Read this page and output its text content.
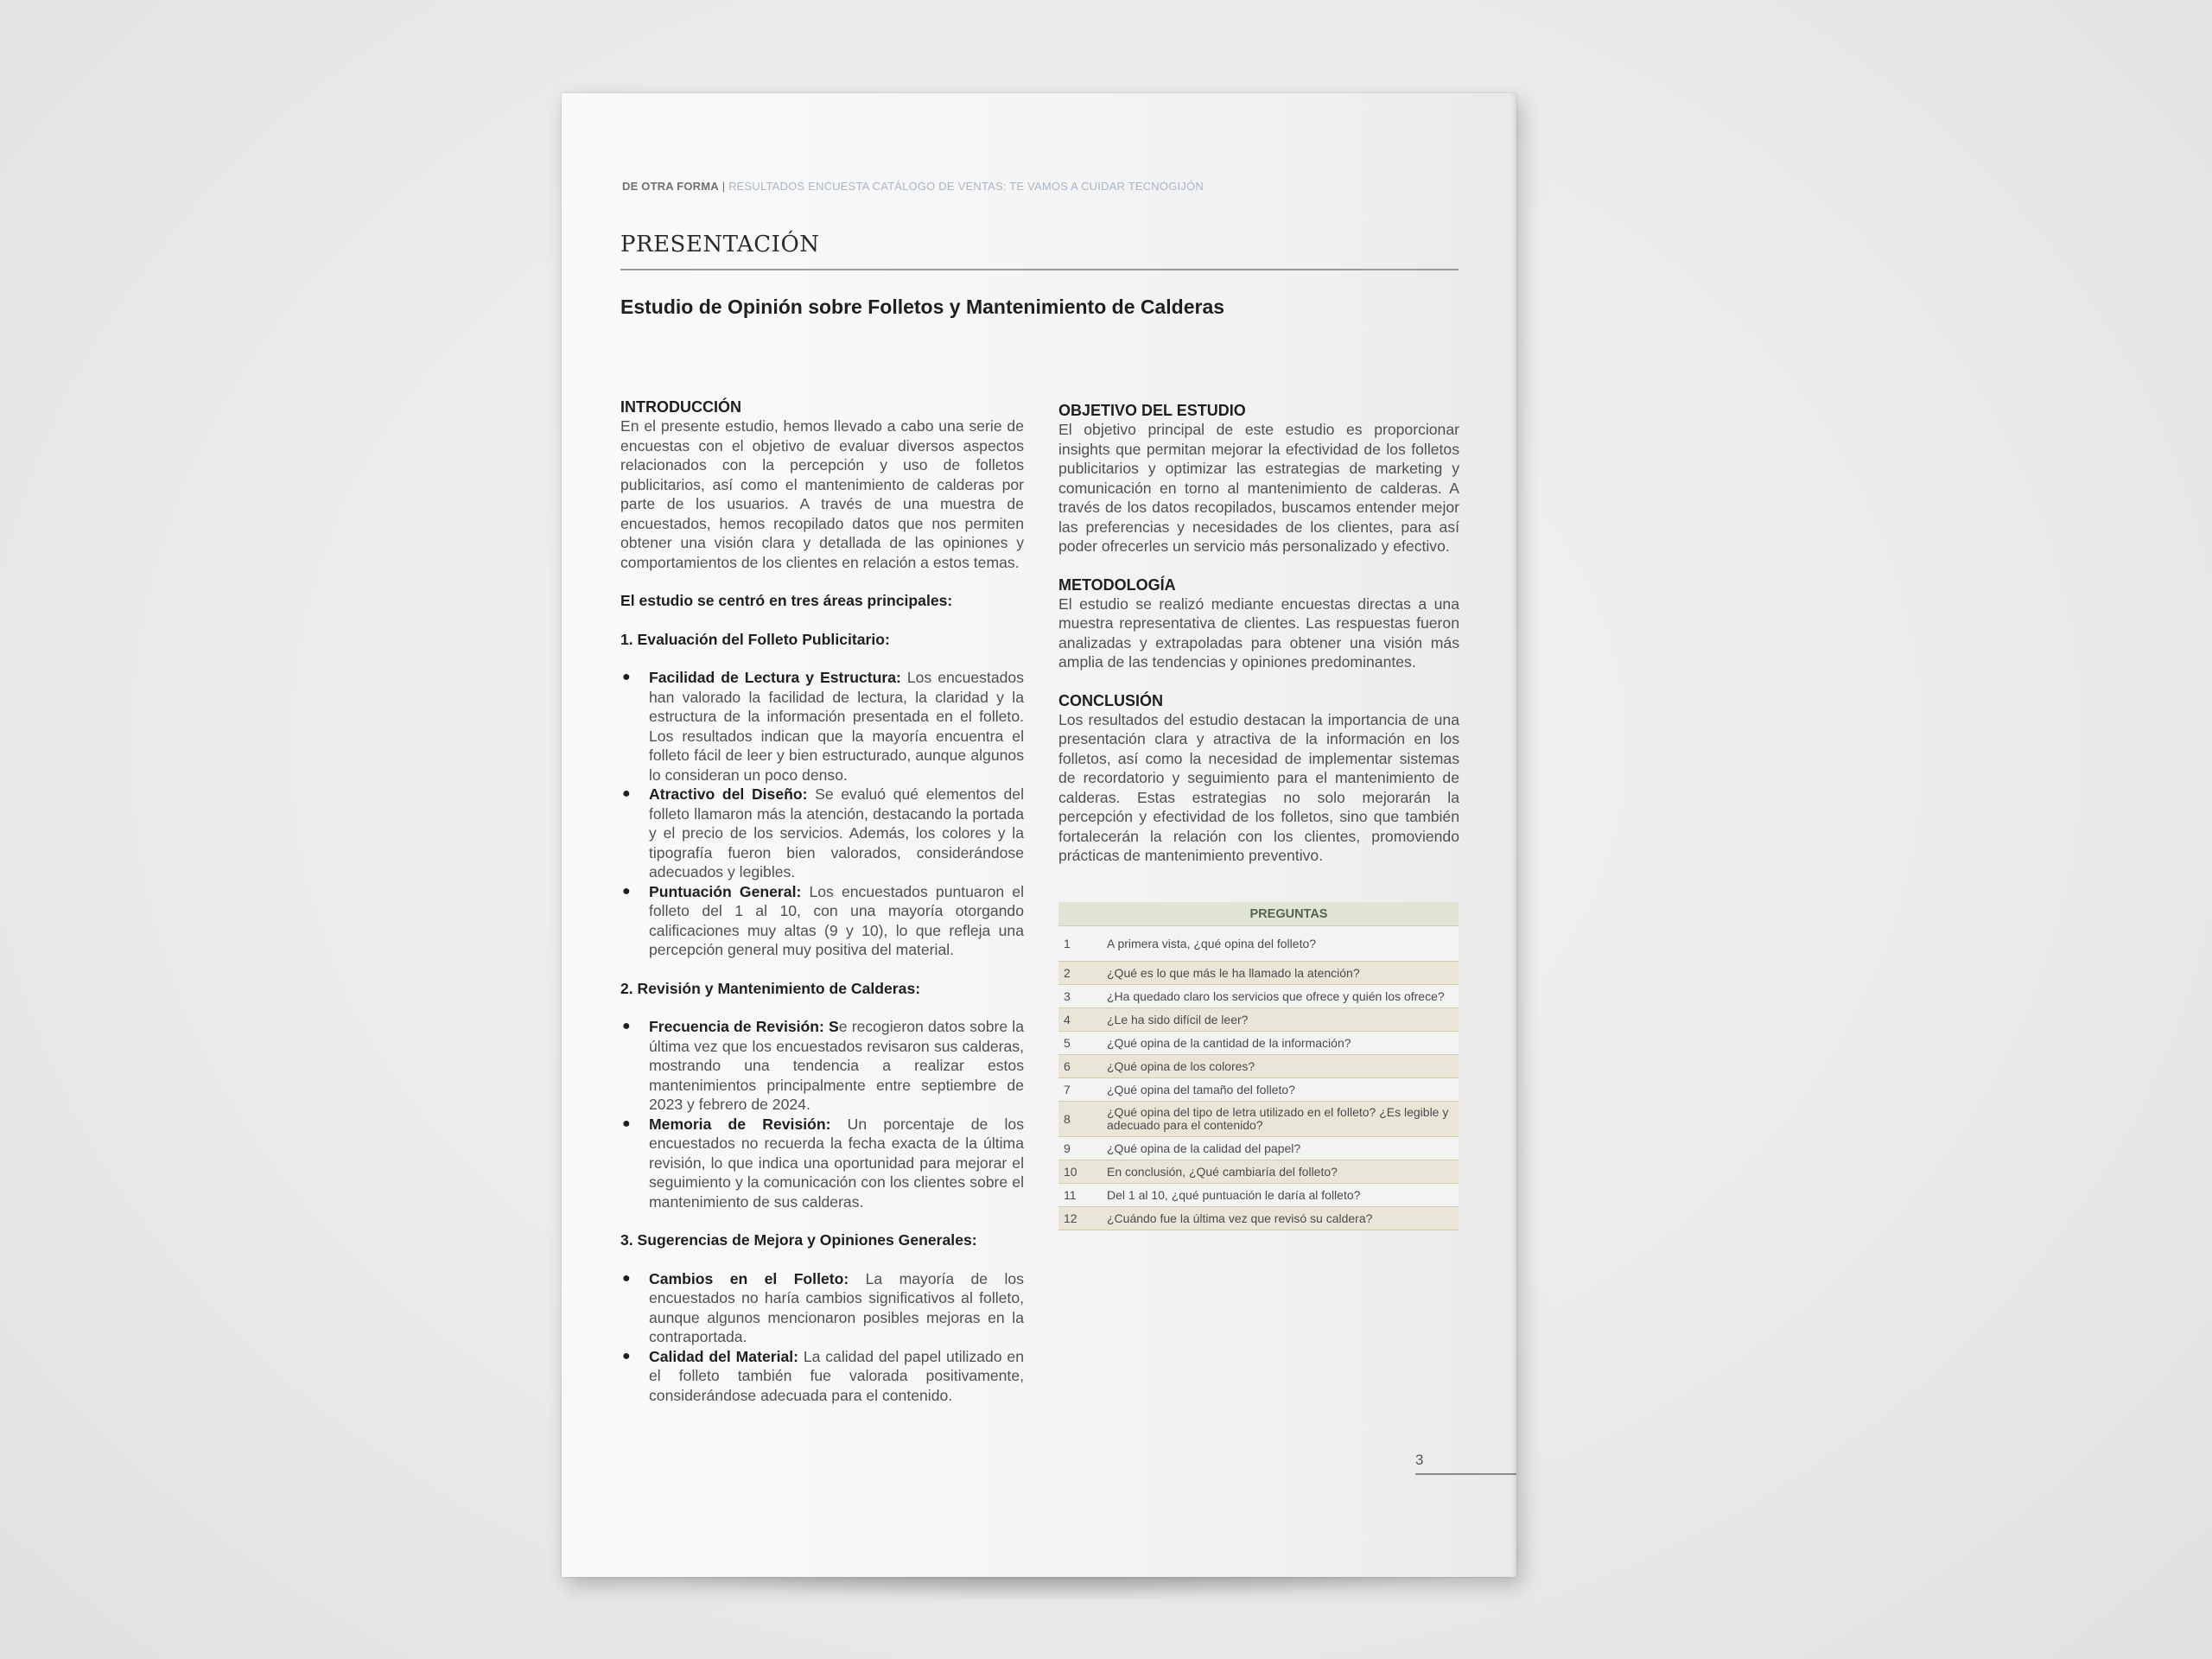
DE OTRA FORMA | RESULTADOS ENCUESTA CATÁLOGO DE VENTAS: TE VAMOS A CUIDAR TECNOGIJÓN
PRESENTACIÓN
Estudio de Opinión sobre Folletos y Mantenimiento de Calderas

INTRODUCCIÓN

En el presente estudio, hemos llevado a cabo una serie de encuestas con el objetivo de evaluar diversos aspectos relacionados con la percepción y uso de folletos publicitarios, así como el mantenimiento de calderas por parte de los usuarios. A través de una muestra de encuestados, hemos recopilado datos que nos permiten obtener una visión clara y detallada de las opiniones y comportamientos de los clientes en relación a estos temas.

El estudio se centró en tres áreas principales:

1. Evaluación del Folleto Publicitario:

● Facilidad de Lectura y Estructura: Los encuestados han valorado la facilidad de lectura, la claridad y la estructura de la información presentada en el folleto. Los resultados indican que la mayoría encuentra el folleto fácil de leer y bien estructurado, aunque algunos lo consideran un poco denso.
● Atractivo del Diseño: Se evaluó qué elementos del folleto llamaron más la atención, destacando la portada y el precio de los servicios. Además, los colores y la tipografía fueron bien valorados, considerándose adecuados y legibles.
● Puntuación General: Los encuestados puntuaron el folleto del 1 al 10, con una mayoría otorgando calificaciones muy altas (9 y 10), lo que refleja una percepción general muy positiva del material.

2. Revisión y Mantenimiento de Calderas:

● Frecuencia de Revisión: Se recogieron datos sobre la última vez que los encuestados revisaron sus calderas, mostrando una tendencia a realizar estos mantenimientos principalmente entre septiembre de 2023 y febrero de 2024.
● Memoria de Revisión: Un porcentaje de los encuestados no recuerda la fecha exacta de la última revisión, lo que indica una oportunidad para mejorar el seguimiento y la comunicación con los clientes sobre el mantenimiento de sus calderas.

3. Sugerencias de Mejora y Opiniones Generales:

● Cambios en el Folleto: La mayoría de los encuestados no haría cambios significativos al folleto, aunque algunos mencionaron posibles mejoras en la contraportada.
● Calidad del Material: La calidad del papel utilizado en el folleto también fue valorada positivamente, considerándose adecuada para el contenido.

OBJETIVO DEL ESTUDIO

El objetivo principal de este estudio es proporcionar insights que permitan mejorar la efectividad de los folletos publicitarios y optimizar las estrategias de marketing y comunicación en torno al mantenimiento de calderas. A través de los datos recopilados, buscamos entender mejor las preferencias y necesidades de los clientes, para así poder ofrecerles un servicio más personalizado y efectivo.

METODOLOGÍA

El estudio se realizó mediante encuestas directas a una muestra representativa de clientes. Las respuestas fueron analizadas y extrapoladas para obtener una visión más amplia de las tendencias y opiniones predominantes.

CONCLUSIÓN

Los resultados del estudio destacan la importancia de una presentación clara y atractiva de la información en los folletos, así como la necesidad de implementar sistemas de recordatorio y seguimiento para el mantenimiento de calderas. Estas estrategias no solo mejorarán la percepción y efectividad de los folletos, sino que también fortalecerán la relación con los clientes, promoviendo prácticas de mantenimiento preventivo.

PREGUNTAS	
1	A primera vista, ¿qué opina del folleto?
2	¿Qué es lo que más le ha llamado la atención?
3	¿Ha quedado claro los servicios que ofrece y quién los ofrece?
4	¿Le ha sido difícil de leer?
5	¿Qué opina de la cantidad de la información?
6	¿Qué opina de los colores?
7	¿Qué opina del tamaño del folleto?
8	¿Qué opina del tipo de letra utilizado en el folleto? ¿Es legible y adecuado para el contenido?
9	¿Qué opina de la calidad del papel?
10	En conclusión, ¿Qué cambiaría del folleto?
11	Del 1 al 10, ¿qué puntuación le daría al folleto?
12	¿Cuándo fue la última vez que revisó su caldera?
3
